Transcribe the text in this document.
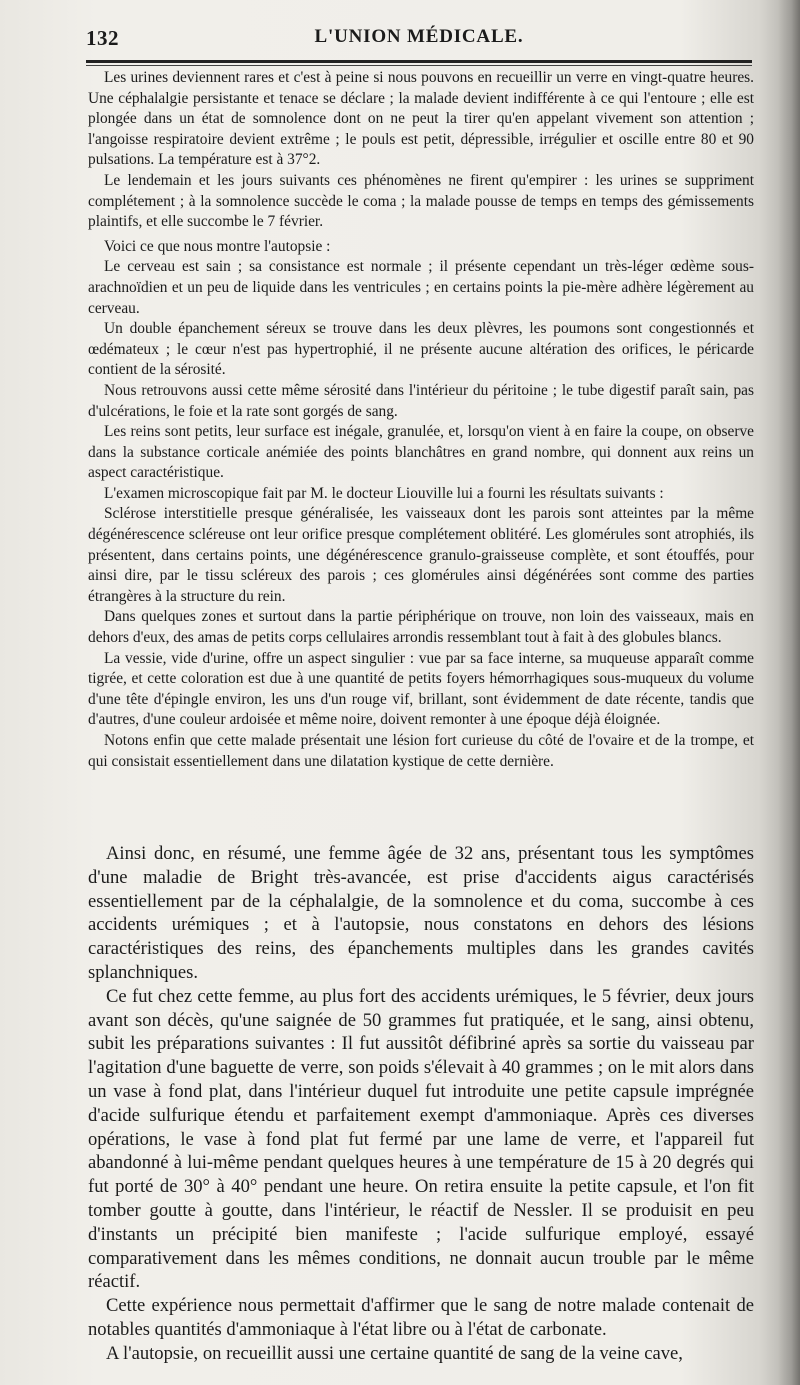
132	L'UNION MÉDICALE.

Les urines deviennent rares et c'est à peine si nous pouvons en recueillir un verre en vingt-quatre heures. Une céphalalgie persistante et tenace se déclare ; la malade devient indifférente à ce qui l'entoure ; elle est plongée dans un état de somnolence dont on ne peut la tirer qu'en appelant vivement son attention ; l'angoisse respiratoire devient extrême ; le pouls est petit, dépressible, irrégulier et oscille entre 80 et 90 pulsations. La température est à 37°2.

Le lendemain et les jours suivants ces phénomènes ne firent qu'empirer : les urines se suppriment complétement ; à la somnolence succède le coma ; la malade pousse de temps en temps des gémissements plaintifs, et elle succombe le 7 février.

Voici ce que nous montre l'autopsie :

Le cerveau est sain ; sa consistance est normale ; il présente cependant un très-léger œdème sous-arachnoïdien et un peu de liquide dans les ventricules ; en certains points la pie-mère adhère légèrement au cerveau.

Un double épanchement séreux se trouve dans les deux plèvres, les poumons sont congestionnés et œdémateux ; le cœur n'est pas hypertrophié, il ne présente aucune altération des orifices, le péricarde contient de la sérosité.

Nous retrouvons aussi cette même sérosité dans l'intérieur du péritoine ; le tube digestif paraît sain, pas d'ulcérations, le foie et la rate sont gorgés de sang.

Les reins sont petits, leur surface est inégale, granulée, et, lorsqu'on vient à en faire la coupe, on observe dans la substance corticale anémiée des points blanchâtres en grand nombre, qui donnent aux reins un aspect caractéristique.

L'examen microscopique fait par M. le docteur Liouville lui a fourni les résultats suivants :

Sclérose interstitielle presque généralisée, les vaisseaux dont les parois sont atteintes par la même dégénérescence scléreuse ont leur orifice presque complétement oblitéré. Les glomérules sont atrophiés, ils présentent, dans certains points, une dégénérescence granulo-graisseuse complète, et sont étouffés, pour ainsi dire, par le tissu scléreux des parois ; ces glomérules ainsi dégénérées sont comme des parties étrangères à la structure du rein.

Dans quelques zones et surtout dans la partie périphérique on trouve, non loin des vaisseaux, mais en dehors d'eux, des amas de petits corps cellulaires arrondis ressemblant tout à fait à des globules blancs.

La vessie, vide d'urine, offre un aspect singulier : vue par sa face interne, sa muqueuse apparaît comme tigrée, et cette coloration est due à une quantité de petits foyers hémorrhagiques sous-muqueux du volume d'une tête d'épingle environ, les uns d'un rouge vif, brillant, sont évidemment de date récente, tandis que d'autres, d'une couleur ardoisée et même noire, doivent remonter à une époque déjà éloignée.

Notons enfin que cette malade présentait une lésion fort curieuse du côté de l'ovaire et de la trompe, et qui consistait essentiellement dans une dilatation kystique de cette dernière.

Ainsi donc, en résumé, une femme âgée de 32 ans, présentant tous les symptômes d'une maladie de Bright très-avancée, est prise d'accidents aigus caractérisés essentiellement par de la céphalalgie, de la somnolence et du coma, succombe à ces accidents urémiques ; et à l'autopsie, nous constatons en dehors des lésions caractéristiques des reins, des épanchements multiples dans les grandes cavités splanchniques.

Ce fut chez cette femme, au plus fort des accidents urémiques, le 5 février, deux jours avant son décès, qu'une saignée de 50 grammes fut pratiquée, et le sang, ainsi obtenu, subit les préparations suivantes : Il fut aussitôt défibriné après sa sortie du vaisseau par l'agitation d'une baguette de verre, son poids s'élevait à 40 grammes ; on le mit alors dans un vase à fond plat, dans l'intérieur duquel fut introduite une petite capsule imprégnée d'acide sulfurique étendu et parfaitement exempt d'ammoniaque. Après ces diverses opérations, le vase à fond plat fut fermé par une lame de verre, et l'appareil fut abandonné à lui-même pendant quelques heures à une température de 15 à 20 degrés qui fut porté de 30° à 40° pendant une heure. On retira ensuite la petite capsule, et l'on fit tomber goutte à goutte, dans l'intérieur, le réactif de Nessler. Il se produisit en peu d'instants un précipité bien manifeste ; l'acide sulfurique employé, essayé comparativement dans les mêmes conditions, ne donnait aucun trouble par le même réactif.

Cette expérience nous permettait d'affirmer que le sang de notre malade contenait de notables quantités d'ammoniaque à l'état libre ou à l'état de carbonate.

A l'autopsie, on recueillit aussi une certaine quantité de sang de la veine cave,
